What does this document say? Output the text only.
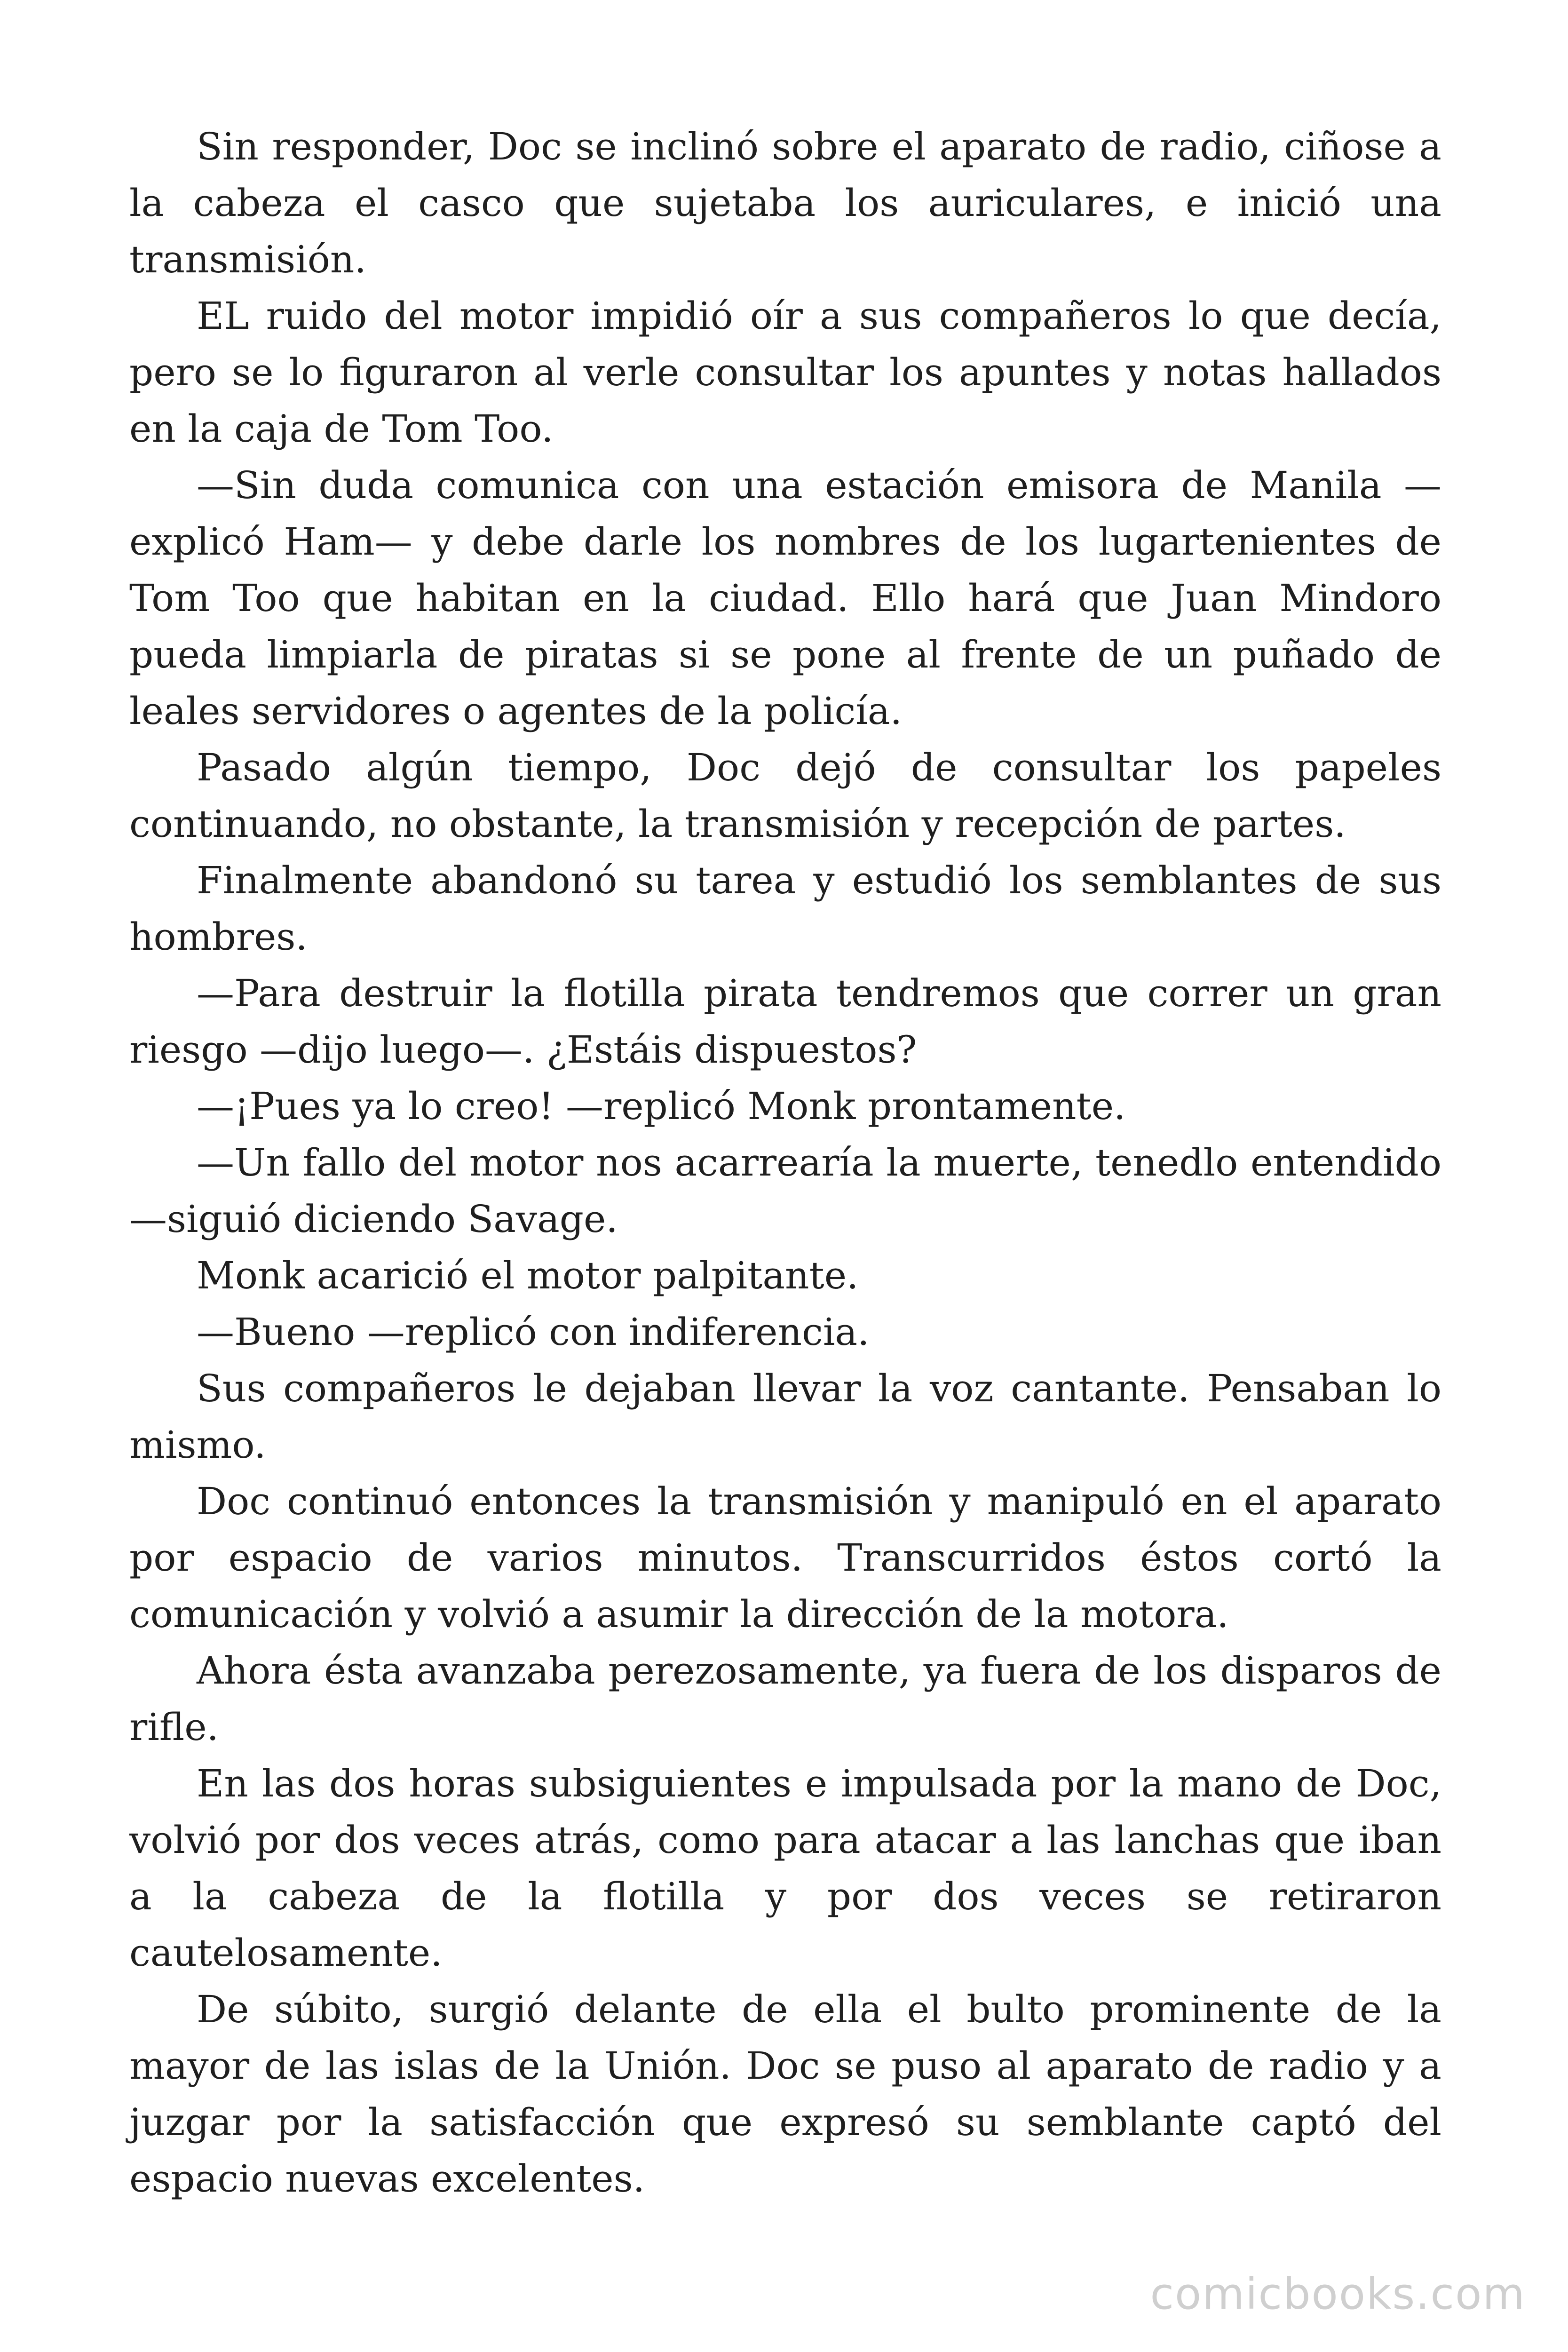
Sin responder, Doc se inclinó sobre el aparato de radio, ciñose a la cabeza el casco que sujetaba los auriculares, e inició una transmisión.

EL ruido del motor impidió oír a sus compañeros lo que decía, pero se lo figuraron al verle consultar los apuntes y notas hallados en la caja de Tom Too.

—Sin duda comunica con una estación emisora de Manila —explicó Ham— y debe darle los nombres de los lugartenientes de Tom Too que habitan en la ciudad. Ello hará que Juan Mindoro pueda limpiarla de piratas si se pone al frente de un puñado de leales servidores o agentes de la policía.

Pasado algún tiempo, Doc dejó de consultar los papeles continuando, no obstante, la transmisión y recepción de partes.

Finalmente abandonó su tarea y estudió los semblantes de sus hombres.

—Para destruir la flotilla pirata tendremos que correr un gran riesgo —dijo luego—. ¿Estáis dispuestos?

—¡Pues ya lo creo! —replicó Monk prontamente.

—Un fallo del motor nos acarrearía la muerte, tenedlo entendido —siguió diciendo Savage.

Monk acarició el motor palpitante.

—Bueno —replicó con indiferencia.

Sus compañeros le dejaban llevar la voz cantante. Pensaban lo mismo.

Doc continuó entonces la transmisión y manipuló en el aparato por espacio de varios minutos. Transcurridos éstos cortó la comunicación y volvió a asumir la dirección de la motora.

Ahora ésta avanzaba perezosamente, ya fuera de los disparos de rifle.

En las dos horas subsiguientes e impulsada por la mano de Doc, volvió por dos veces atrás, como para atacar a las lanchas que iban a la cabeza de la flotilla y por dos veces se retiraron cautelosamente.

De súbito, surgió delante de ella el bulto prominente de la mayor de las islas de la Unión. Doc se puso al aparato de radio y a juzgar por la satisfacción que expresó su semblante captó del espacio nuevas excelentes.

comicbooks.com
